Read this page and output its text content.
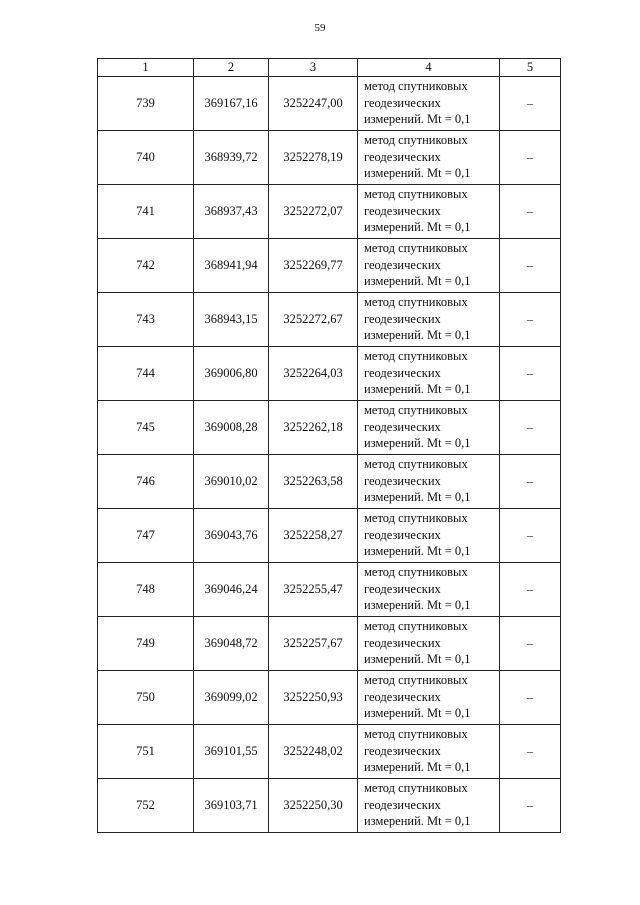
59
1	2	3	4	5
739	369167,16	3252247,00	метод спутниковых
геодезических
измерений. Mt = 0,1	–
740	368939,72	3252278,19	метод спутниковых
геодезических
измерений. Mt = 0,1	–
741	368937,43	3252272,07	метод спутниковых
геодезических
измерений. Mt = 0,1	–
742	368941,94	3252269,77	метод спутниковых
геодезических
измерений. Mt = 0,1	–
743	368943,15	3252272,67	метод спутниковых
геодезических
измерений. Mt = 0,1	–
744	369006,80	3252264,03	метод спутниковых
геодезических
измерений. Mt = 0,1	–
745	369008,28	3252262,18	метод спутниковых
геодезических
измерений. Mt = 0,1	–
746	369010,02	3252263,58	метод спутниковых
геодезических
измерений. Mt = 0,1	–
747	369043,76	3252258,27	метод спутниковых
геодезических
измерений. Mt = 0,1	–
748	369046,24	3252255,47	метод спутниковых
геодезических
измерений. Mt = 0,1	–
749	369048,72	3252257,67	метод спутниковых
геодезических
измерений. Mt = 0,1	–
750	369099,02	3252250,93	метод спутниковых
геодезических
измерений. Mt = 0,1	–
751	369101,55	3252248,02	метод спутниковых
геодезических
измерений. Mt = 0,1	–
752	369103,71	3252250,30	метод спутниковых
геодезических
измерений. Mt = 0,1	–
